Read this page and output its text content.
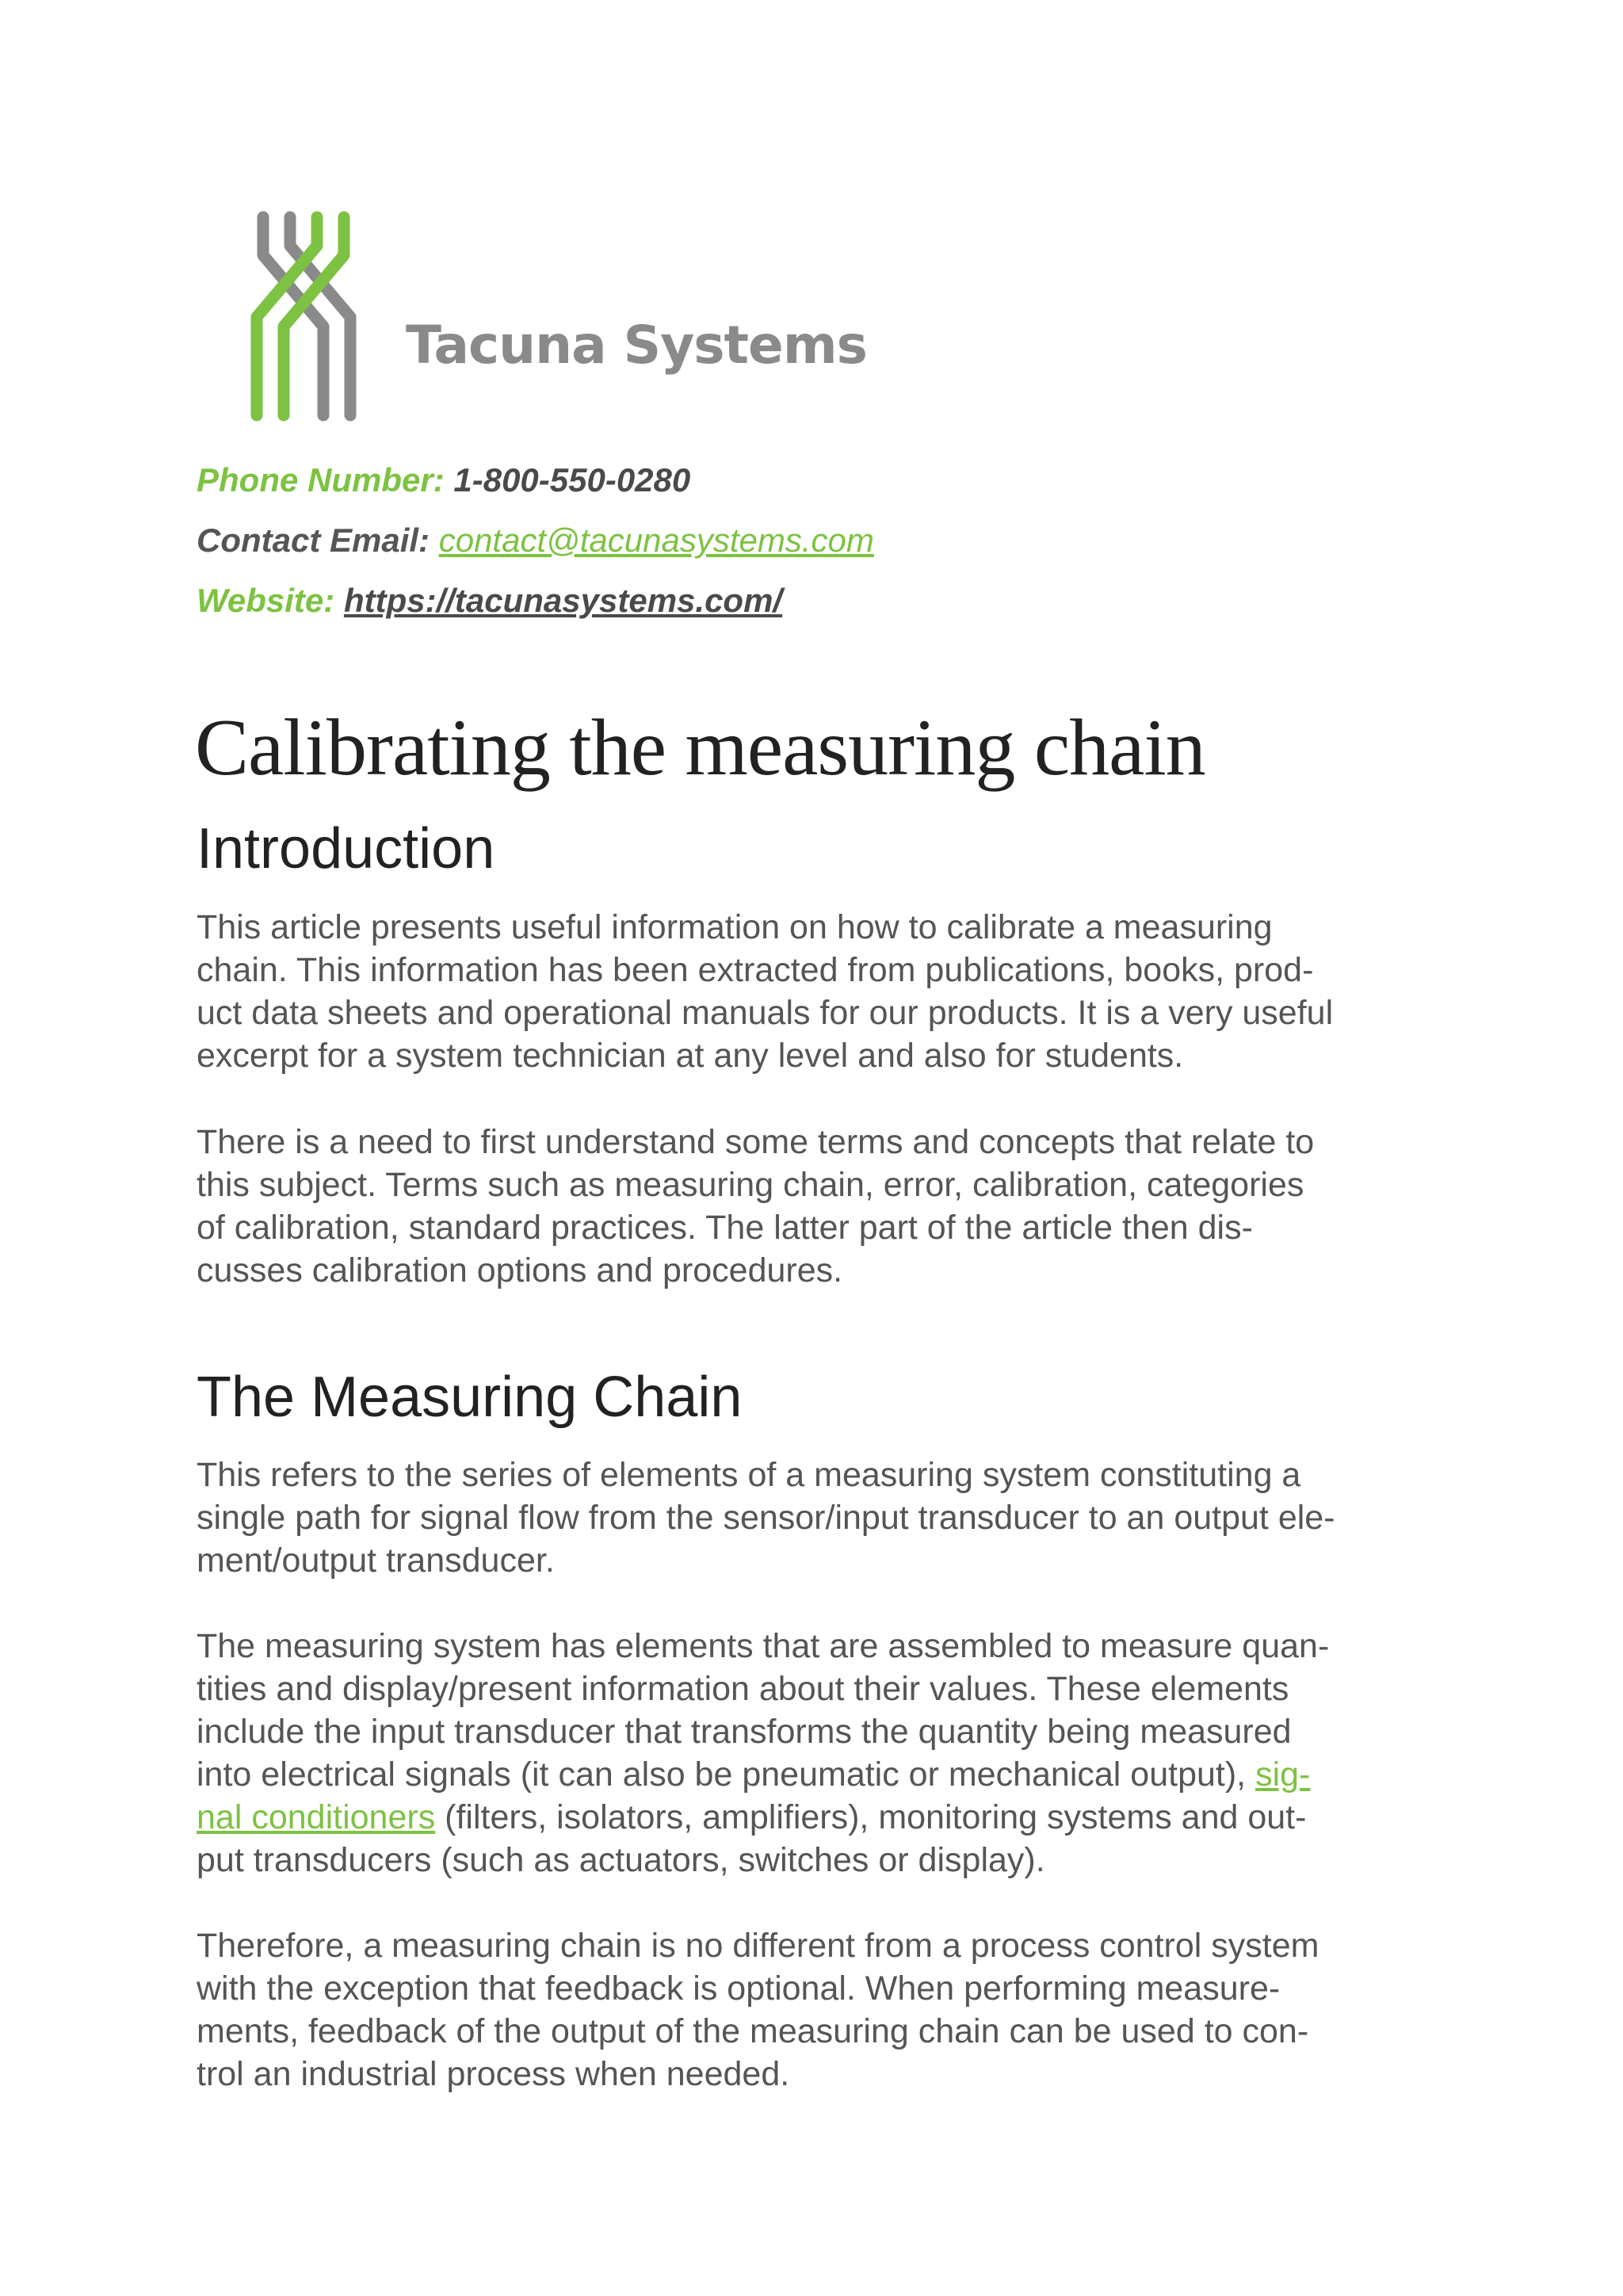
Tacuna Systems
Phone Number: 1-800-550-0280
Contact Email: contact@tacunasystems.com
Website: https://tacunasystems.com/
Calibrating the measuring chain
Introduction

This article presents useful information on how to calibrate a measuring
chain. This information has been extracted from publications, books, prod-
uct data sheets and operational manuals for our products. It is a very useful
excerpt for a system technician at any level and also for students.

There is a need to first understand some terms and concepts that relate to
this subject. Terms such as measuring chain, error, calibration, categories
of calibration, standard practices. The latter part of the article then dis-
cusses calibration options and procedures.

The Measuring Chain

This refers to the series of elements of a measuring system constituting a
single path for signal flow from the sensor/input transducer to an output ele-
ment/output transducer.

The measuring system has elements that are assembled to measure quan-
tities and display/present information about their values. These elements
include the input transducer that transforms the quantity being measured
into electrical signals (it can also be pneumatic or mechanical output), sig-
nal conditioners (filters, isolators, amplifiers), monitoring systems and out-
put transducers (such as actuators, switches or display).

Therefore, a measuring chain is no different from a process control system
with the exception that feedback is optional. When performing measure-
ments, feedback of the output of the measuring chain can be used to con-
trol an industrial process when needed.
